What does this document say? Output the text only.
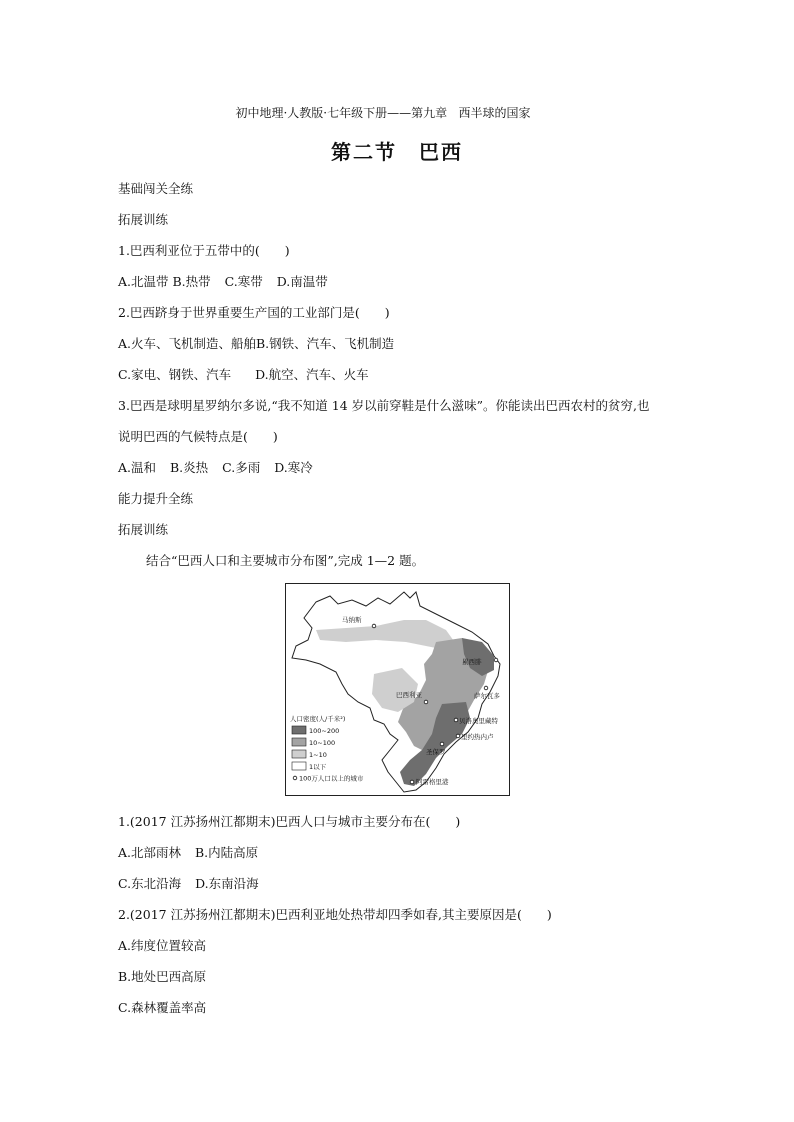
初中地理·人教版·七年级下册——第九章 西半球的国家
第二节　巴西
基础闯关全练
拓展训练
1.巴西利亚位于五带中的(　　)
A.北温带 B.热带 C.寒带 D.南温带
2.巴西跻身于世界重要生产国的工业部门是(　　)
A.火车、飞机制造、船舶B.钢铁、汽车、飞机制造
C.家电、钢铁、汽车 D.航空、汽车、火车
3.巴西是球明星罗纳尔多说,“我不知道 14 岁以前穿鞋是什么滋味”。你能读出巴西农村的贫穷,也
说明巴西的气候特点是(　　)
A.温和 B.炎热 C.多雨 D.寒冷
能力提升全练
拓展训练
结合“巴西人口和主要城市分布图”,完成 1—2 题。
马纳斯
累西腓
萨尔瓦多
巴西利亚
贝洛奥里藏特
里约热内卢
圣保罗
阿雷格里港
人口密度(人/千米²)
100~200
10~100
1~10
1以下
100万人口以上的城市
1.(2017 江苏扬州江都期末)巴西人口与城市主要分布在(　　)
A.北部雨林 B.内陆高原
C.东北沿海 D.东南沿海
2.(2017 江苏扬州江都期末)巴西利亚地处热带却四季如春,其主要原因是(　　)
A.纬度位置较高
B.地处巴西高原
C.森林覆盖率高
